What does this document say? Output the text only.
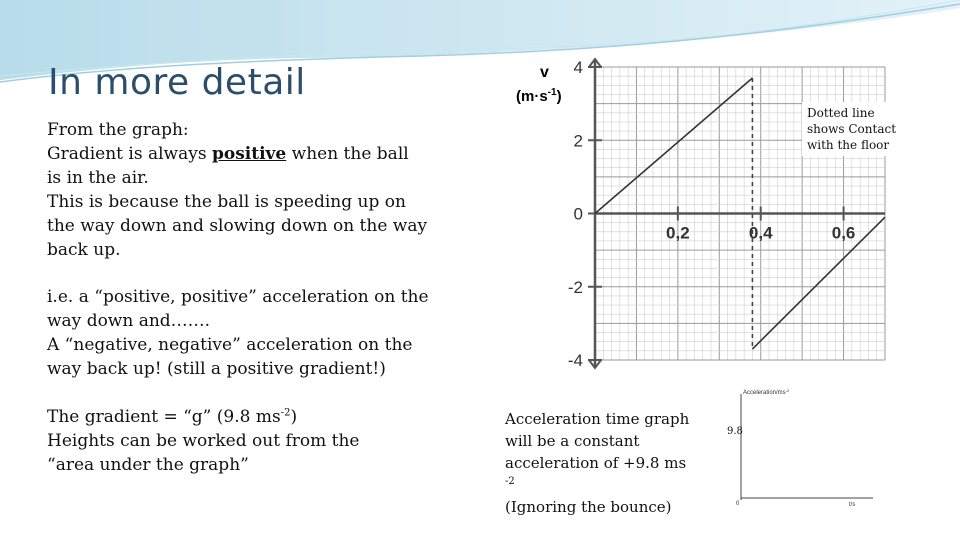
In more detail
From the graph:
Gradient is always positive when the ball
is in the air.
This is because the ball is speeding up on
the way down and slowing down on the way
back up.
i.e. a “positive, positive” acceleration on the
way down and…….
A “negative, negative” acceleration on the
way back up! (still a positive gradient!)
The gradient = “g” (9.8 $ms^{-2}$)
Heights can be worked out from the
“area under the graph”
4
2
0
-2
-4
0,2	0,4	0,6
v
$(m\cdot s^{-1})$
Dotted line
shows Contact
with the floor
Acceleration time graph
will be a constant
acceleration of +9.8 ms
$^{-2}$
(Ignoring the bounce)
Acceleration/$ms^{-2}$
0	t/s
9.8
